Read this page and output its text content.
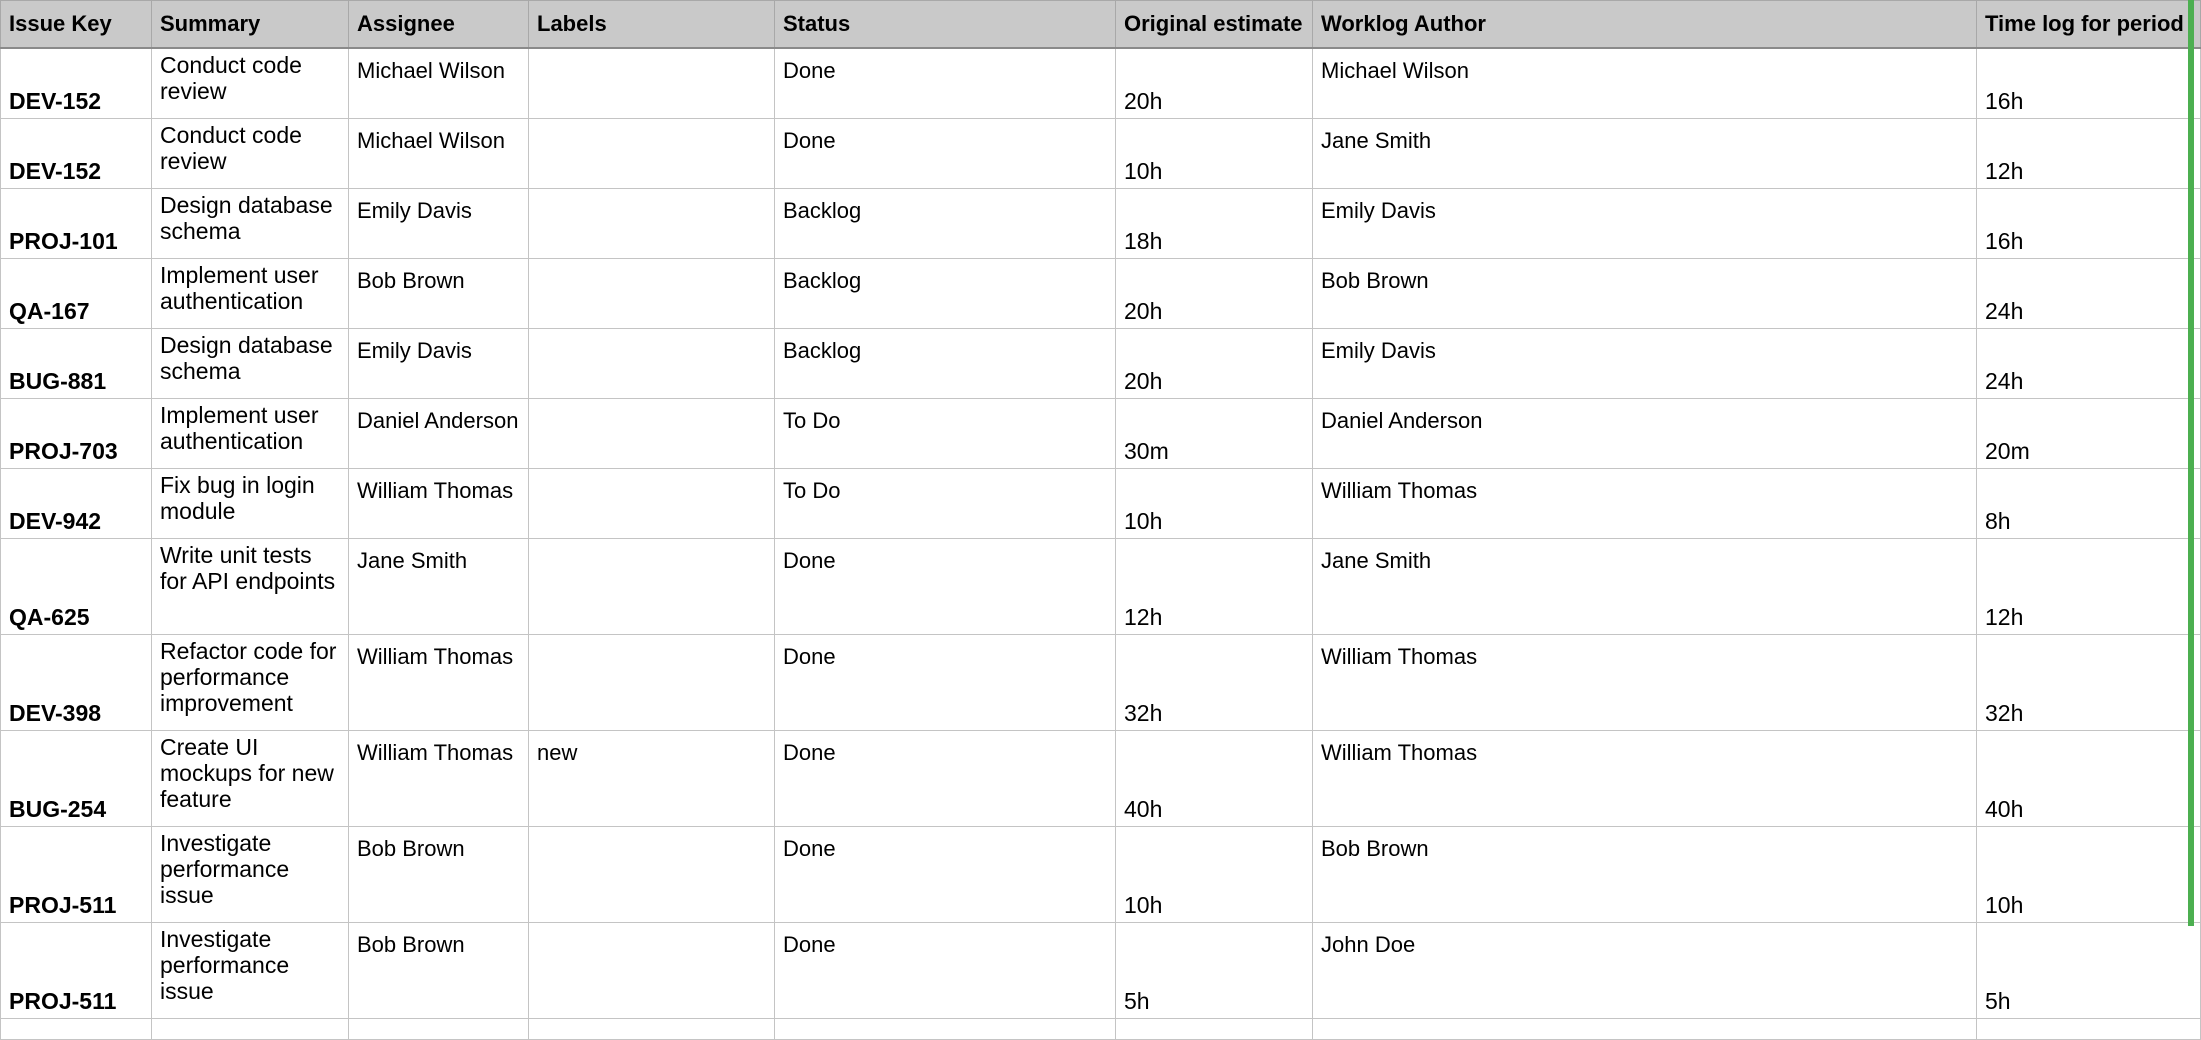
Issue Key	Summary	Assignee	Labels	Status	Original estimate	Worklog Author	Time log for period
DEV-152	Conduct code review	Michael Wilson		Done	20h	Michael Wilson	16h
DEV-152	Conduct code review	Michael Wilson		Done	10h	Jane Smith	12h
PROJ-101	Design database schema	Emily Davis		Backlog	18h	Emily Davis	16h
QA-167	Implement user authentication	Bob Brown		Backlog	20h	Bob Brown	24h
BUG-881	Design database schema	Emily Davis		Backlog	20h	Emily Davis	24h
PROJ-703	Implement user authentication	Daniel Anderson		To Do	30m	Daniel Anderson	20m
DEV-942	Fix bug in login module	William Thomas		To Do	10h	William Thomas	8h
QA-625	Write unit tests for API endpoints	Jane Smith		Done	12h	Jane Smith	12h
DEV-398	Refactor code for performance improvement	William Thomas		Done	32h	William Thomas	32h
BUG-254	Create UI mockups for new feature	William Thomas	new	Done	40h	William Thomas	40h
PROJ-511	Investigate performance issue	Bob Brown		Done	10h	Bob Brown	10h
PROJ-511	Investigate performance issue	Bob Brown		Done	5h	John Doe	5h
